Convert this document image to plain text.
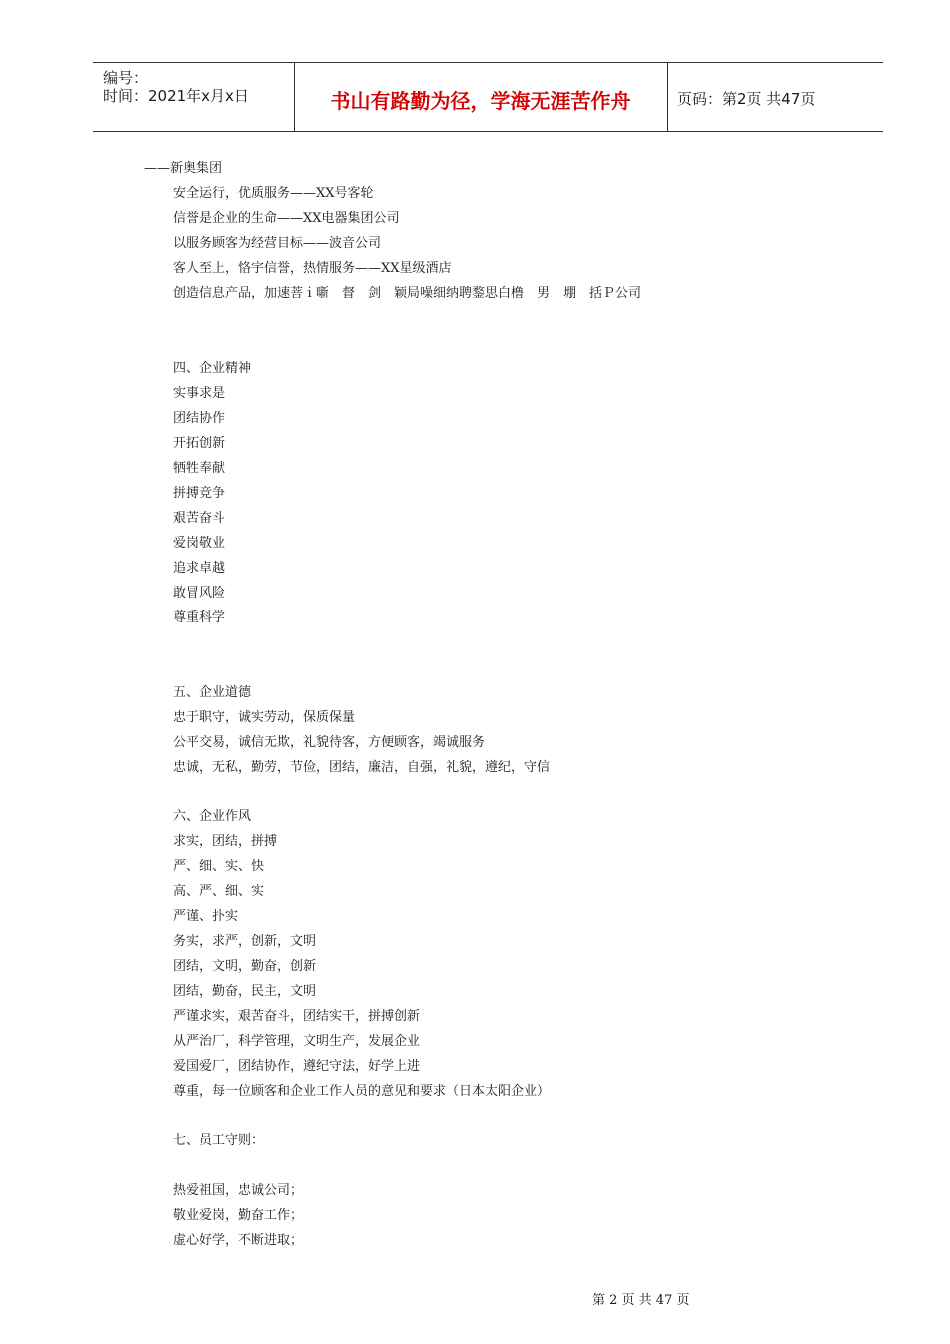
编号：
时间：2021年x月x日	书山有路勤为径，学海无涯苦作舟	页码：第2页 共47页
——新奥集团
安全运行，优质服务——XX号客轮
信誉是企业的生命——XX电器集团公司
以服务顾客为经营目标——波音公司
客人至上，恪宇信誉，热情服务——XX星级酒店
创造信息产品，加速菩ｉ噺　督　剑　颖局噪细纳聘鍪思白橹　男　堋　括Ｐ公司
四、企业精神
实事求是
团结协作
开拓创新
牺牲奉献
拼搏竞争
艰苦奋斗
爱岗敬业
追求卓越
敢冒风险
尊重科学
五、企业道德
忠于职守，诚实劳动，保质保量
公平交易，诚信无欺，礼貌待客，方便顾客，竭诚服务
忠诚，无私，勤劳，节俭，团结，廉洁，自强，礼貌，遵纪，守信
六、企业作风
求实，团结，拼搏
严、细、实、快
高、严、细、实
严谨、扑实
务实，求严，创新，文明
团结，文明，勤奋，创新
团结，勤奋，民主，文明
严谨求实，艰苦奋斗，团结实干，拼搏创新
从严治厂，科学管理，文明生产，发展企业
爱国爱厂，团结协作，遵纪守法，好学上进
尊重，每一位顾客和企业工作人员的意见和要求（日本太阳企业）
七、员工守则：
热爱祖国，忠诚公司；
敬业爱岗，勤奋工作；
虚心好学，不断进取；
第 2 页 共 47 页
